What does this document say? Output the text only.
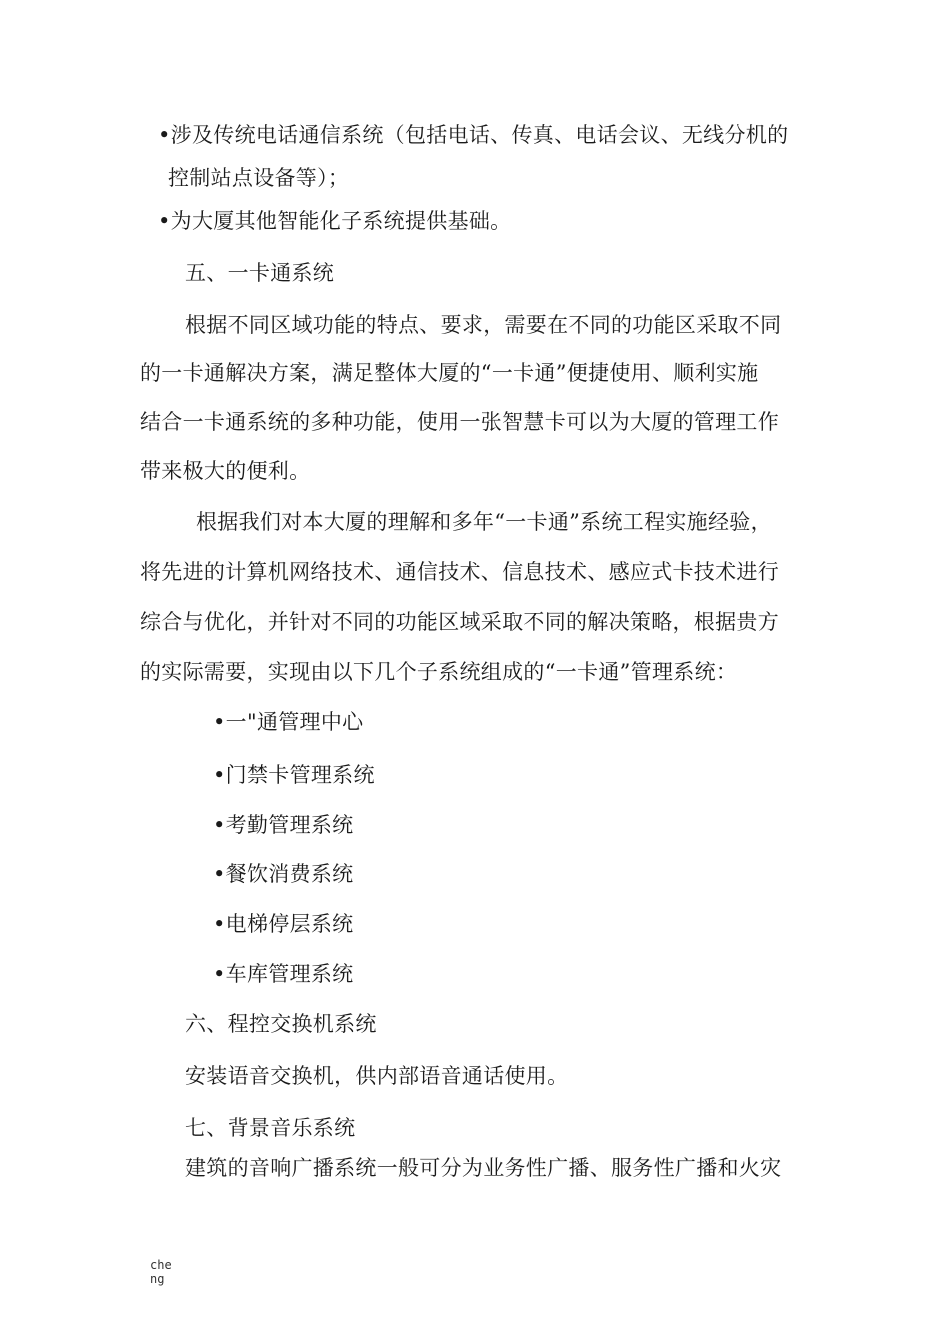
•涉及传统电话通信系统（包括电话、传真、电话会议、无线分机的
控制站点设备等）；
•为大厦其他智能化子系统提供基础。
五、一卡通系统
根据不同区域功能的特点、要求，需要在不同的功能区采取不同
的一卡通解决方案，满足整体大厦的“一卡通”便捷使用、顺利实施
结合一卡通系统的多种功能，使用一张智慧卡可以为大厦的管理工作
带来极大的便利。
根据我们对本大厦的理解和多年“一卡通”系统工程实施经验，
将先进的计算机网络技术、通信技术、信息技术、感应式卡技术进行
综合与优化，并针对不同的功能区域采取不同的解决策略，根据贵方
的实际需要，实现由以下几个子系统组成的“一卡通”管理系统：
•一"通管理中心
•门禁卡管理系统
•考勤管理系统
•餐饮消费系统
•电梯停层系统
•车库管理系统
六、程控交换机系统
安装语音交换机，供内部语音通话使用。
七、背景音乐系统
建筑的音响广播系统一般可分为业务性广播、服务性广播和火灾
che
ng
